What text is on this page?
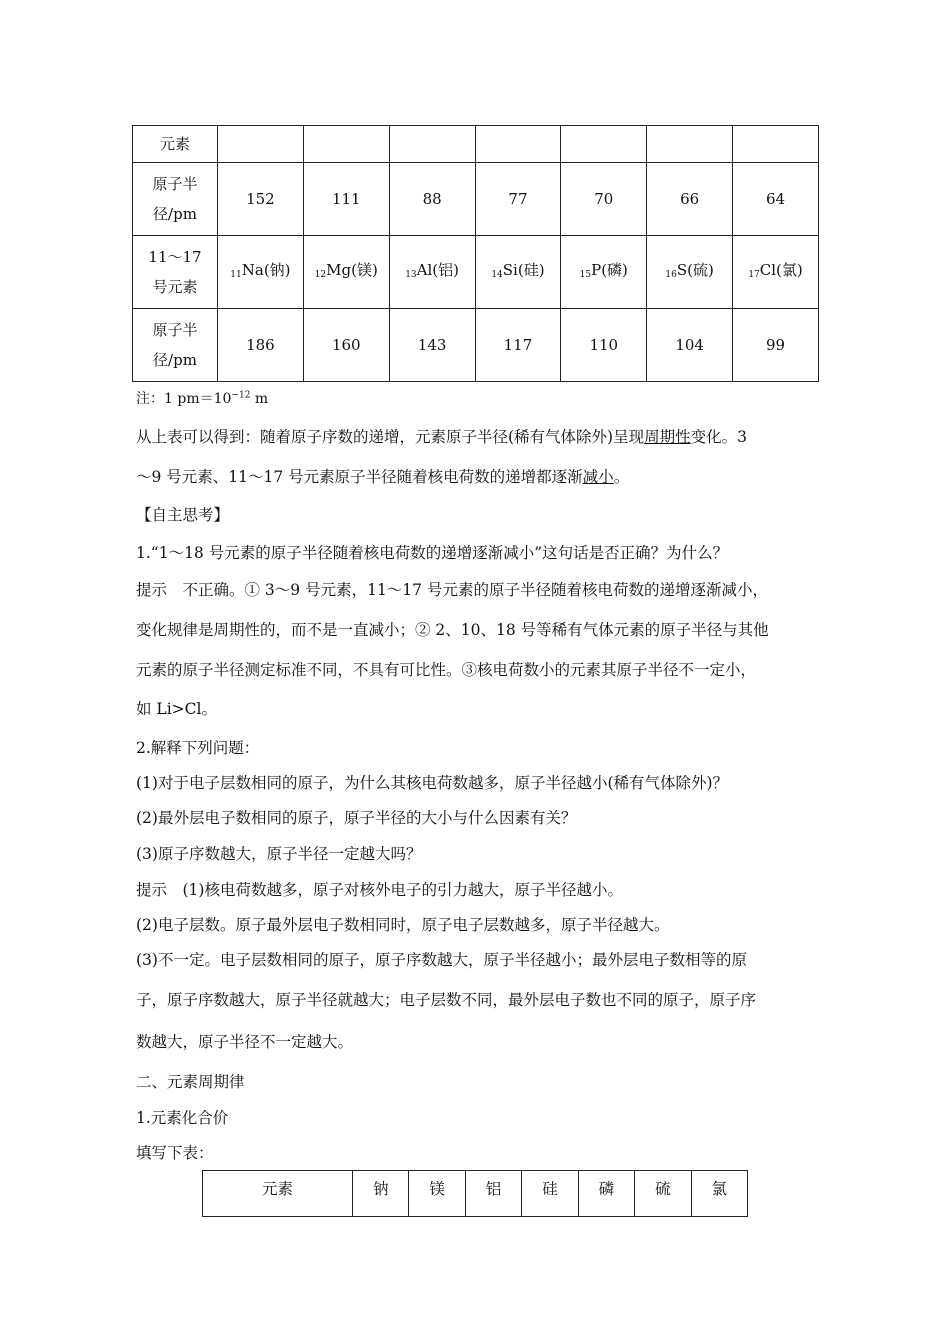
元素							

原子半
径/pm	152	111	88	77	70	66	64

11～17
号元素	$_{11}$Na(钠)	$_{12}$Mg(镁)	$_{13}$Al(铝)	$_{14}$Si(硅)	$_{15}$P(磷)	$_{16}$S(硫)	$_{17}$Cl(氯)

原子半
径/pm	186	160	143	117	110	104	99
注：1 $pm=10^{-12}$ m
从上表可以得到：随着原子序数的递增，元素原子半径(稀有气体除外)呈现周期性变化。3
～9 号元素、11～17 号元素原子半径随着核电荷数的递增都逐渐减小。
【自主思考】
1.“1～18 号元素的原子半径随着核电荷数的递增逐渐减小”这句话是否正确？为什么？
提示　不正确。① 3～9 号元素，11～17 号元素的原子半径随着核电荷数的递增逐渐减小，
变化规律是周期性的，而不是一直减小；② 2、10、18 号等稀有气体元素的原子半径与其他
元素的原子半径测定标准不同，不具有可比性。③核电荷数小的元素其原子半径不一定小，
如 Li>Cl。
2.解释下列问题：
(1)对于电子层数相同的原子，为什么其核电荷数越多，原子半径越小(稀有气体除外)？
(2)最外层电子数相同的原子，原子半径的大小与什么因素有关？
(3)原子序数越大，原子半径一定越大吗？
提示　(1)核电荷数越多，原子对核外电子的引力越大，原子半径越小。
(2)电子层数。原子最外层电子数相同时，原子电子层数越多，原子半径越大。
(3)不一定。电子层数相同的原子，原子序数越大，原子半径越小；最外层电子数相等的原
子，原子序数越大，原子半径就越大；电子层数不同，最外层电子数也不同的原子，原子序
数越大，原子半径不一定越大。
二、元素周期律
1.元素化合价
填写下表：
元素	钠	镁	铝	硅	磷	硫	氯
